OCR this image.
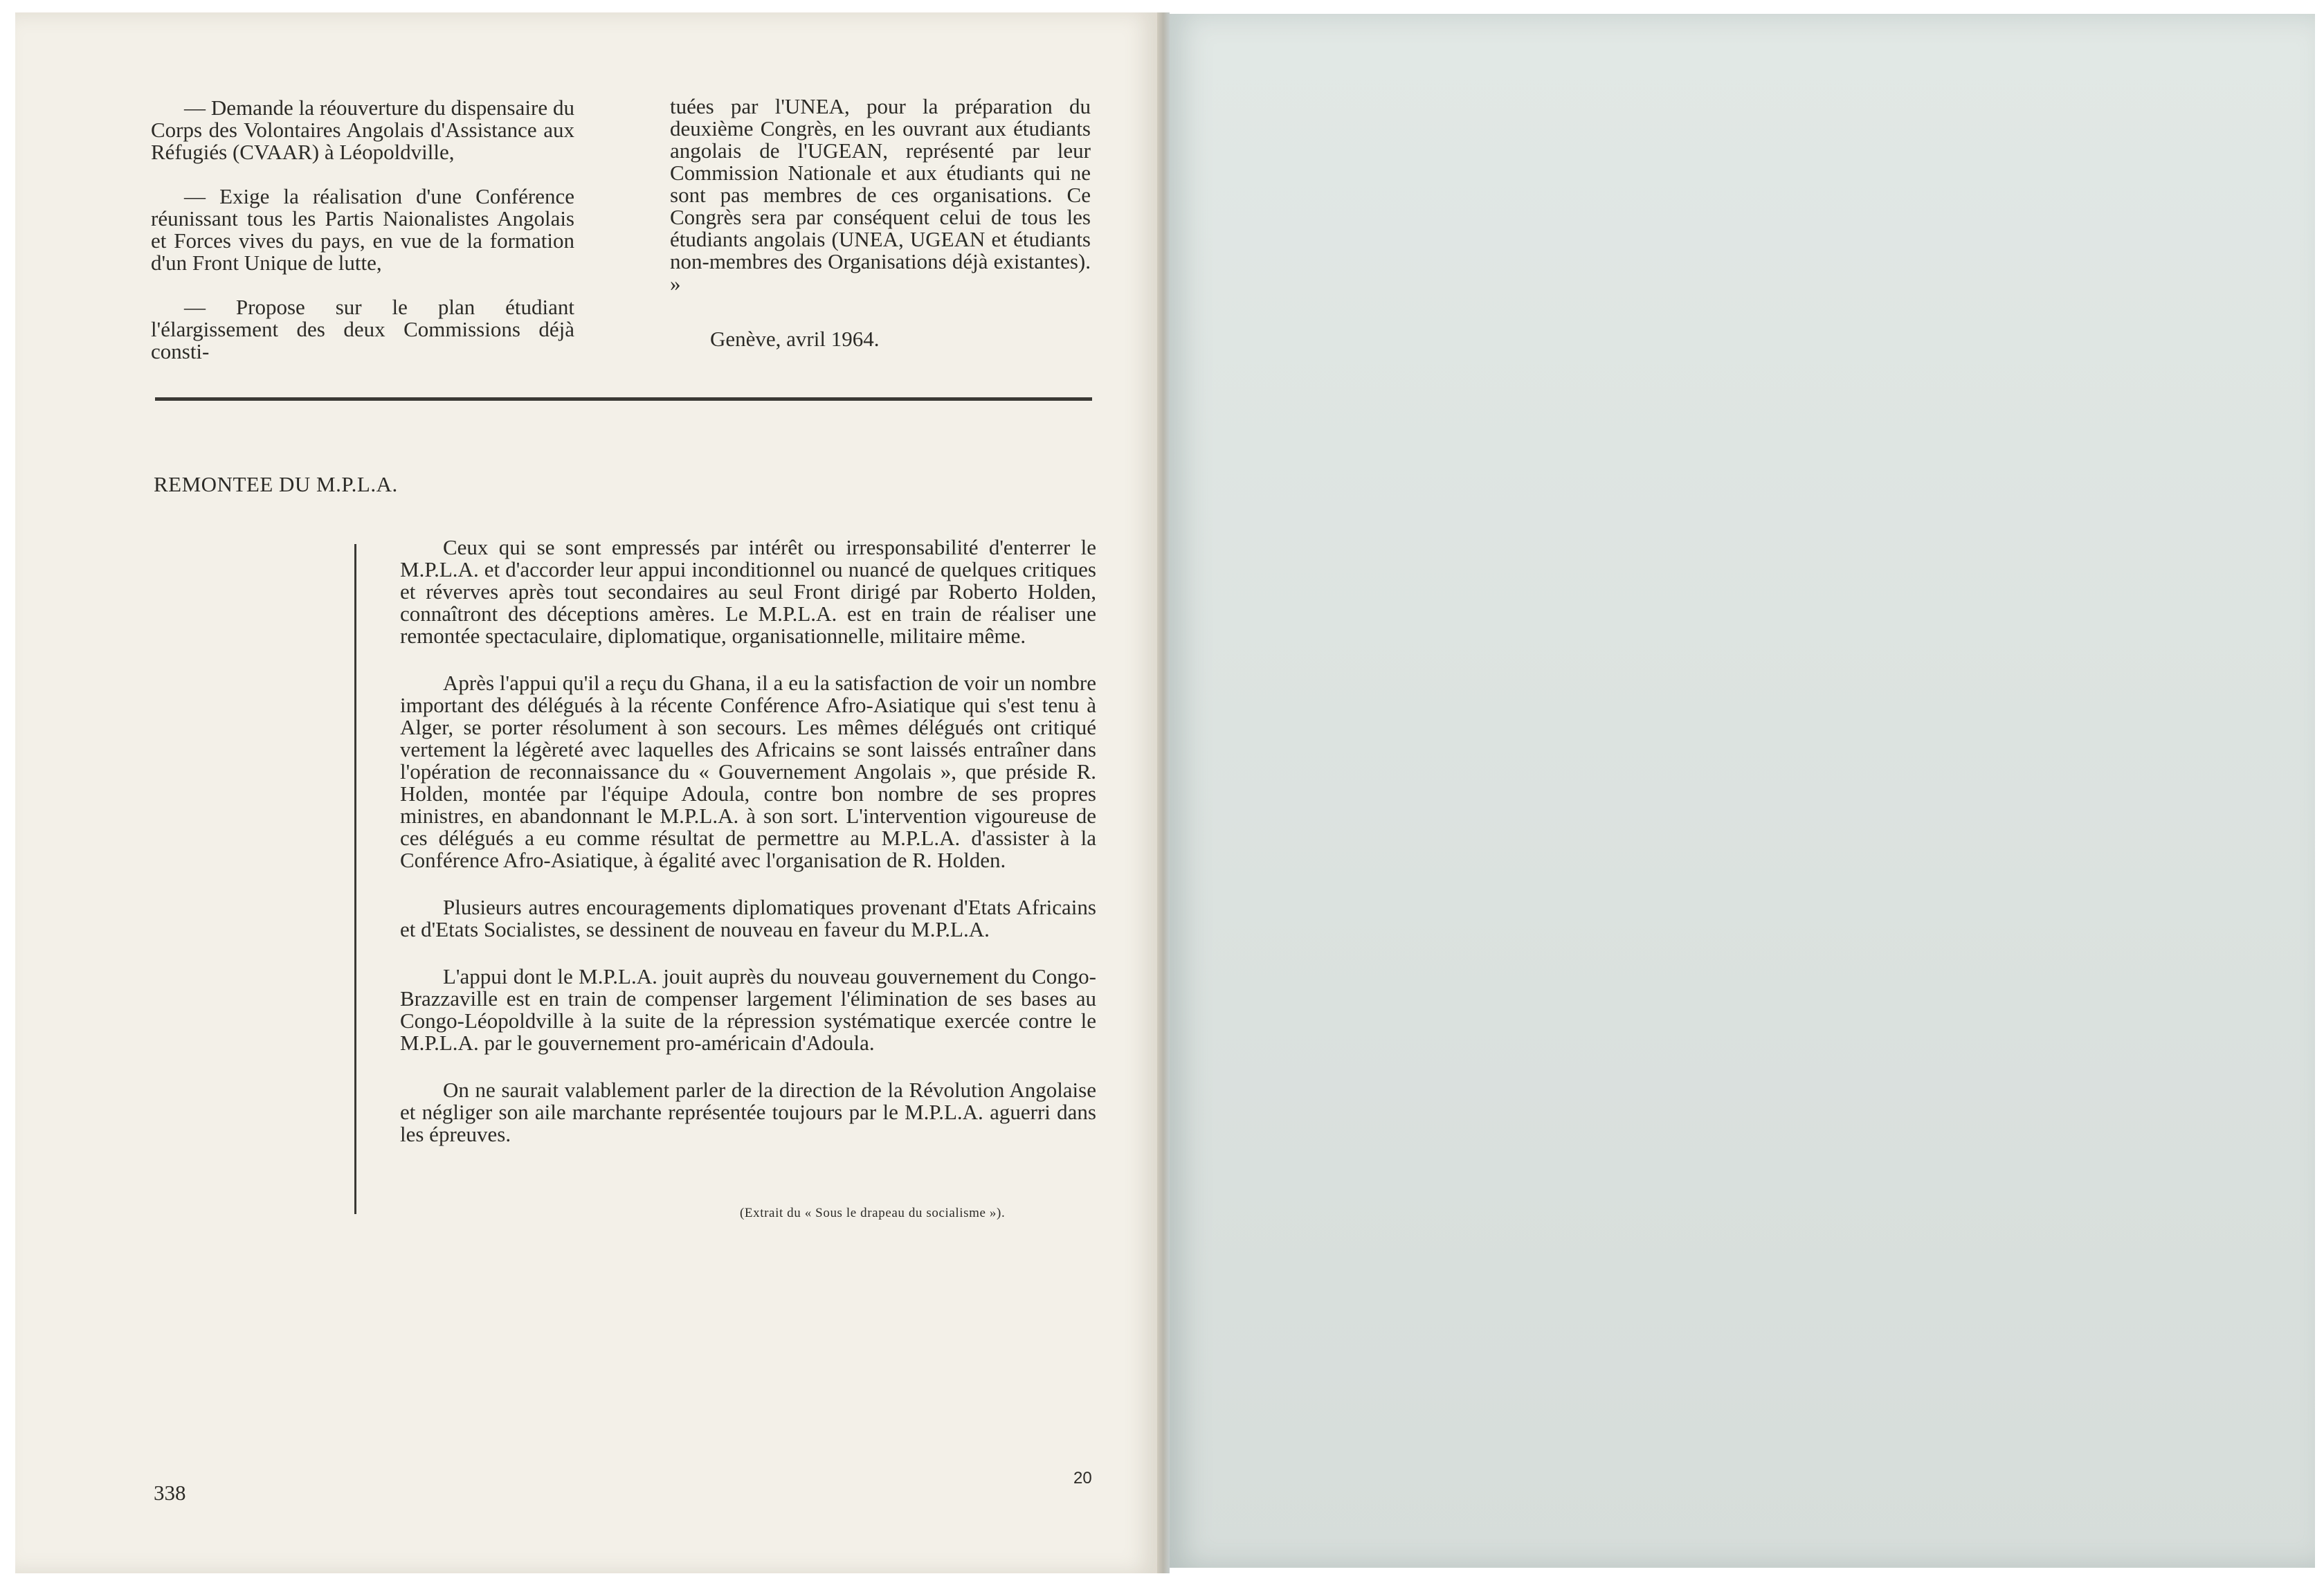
— Demande la réouverture du dispensaire du Corps des Volontaires Angolais d'Assistance aux Réfugiés (CVAAR) à Léopoldville,

— Exige la réalisation d'une Conférence réunissant tous les Partis Naionalistes Angolais et Forces vives du pays, en vue de la formation d'un Front Unique de lutte,

— Propose sur le plan étudiant l'élargissement des deux Commissions déjà consti-

tuées par l'UNEA, pour la préparation du deuxième Congrès, en les ouvrant aux étudiants angolais de l'UGEAN, représenté par leur Commission Nationale et aux étudiants qui ne sont pas membres de ces organisations. Ce Congrès sera par conséquent celui de tous les étudiants angolais (UNEA, UGEAN et étudiants non-membres des Organisations déjà existantes). »

Genève, avril 1964.

REMONTEE DU M.P.L.A.

Ceux qui se sont empressés par intérêt ou irresponsabilité d'enterrer le M.P.L.A. et d'accorder leur appui inconditionnel ou nuancé de quelques critiques et réverves après tout secondaires au seul Front dirigé par Roberto Holden, connaîtront des déceptions amères. Le M.P.L.A. est en train de réaliser une remontée spectaculaire, diplomatique, organisationnelle, militaire même.

Après l'appui qu'il a reçu du Ghana, il a eu la satisfaction de voir un nombre important des délégués à la récente Conférence Afro-Asiatique qui s'est tenu à Alger, se porter résolument à son secours. Les mêmes délégués ont critiqué vertement la légèreté avec laquelles des Africains se sont laissés entraîner dans l'opération de reconnaissance du « Gouvernement Angolais », que préside R. Holden, montée par l'équipe Adoula, contre bon nombre de ses propres ministres, en abandonnant le M.P.L.A. à son sort. L'intervention vigoureuse de ces délégués a eu comme résultat de permettre au M.P.L.A. d'assister à la Conférence Afro-Asiatique, à égalité avec l'organisation de R. Holden.

Plusieurs autres encouragements diplomatiques provenant d'Etats Africains et d'Etats Socialistes, se dessinent de nouveau en faveur du M.P.L.A.

L'appui dont le M.P.L.A. jouit auprès du nouveau gouvernement du Congo-Brazzaville est en train de compenser largement l'élimination de ses bases au Congo-Léopoldville à la suite de la répression systématique exercée contre le M.P.L.A. par le gouvernement pro-américain d'Adoula.

On ne saurait valablement parler de la direction de la Révolution Angolaise et négliger son aile marchante représentée toujours par le M.P.L.A. aguerri dans les épreuves.

(Extrait du « Sous le drapeau du socialisme »).
338
20
